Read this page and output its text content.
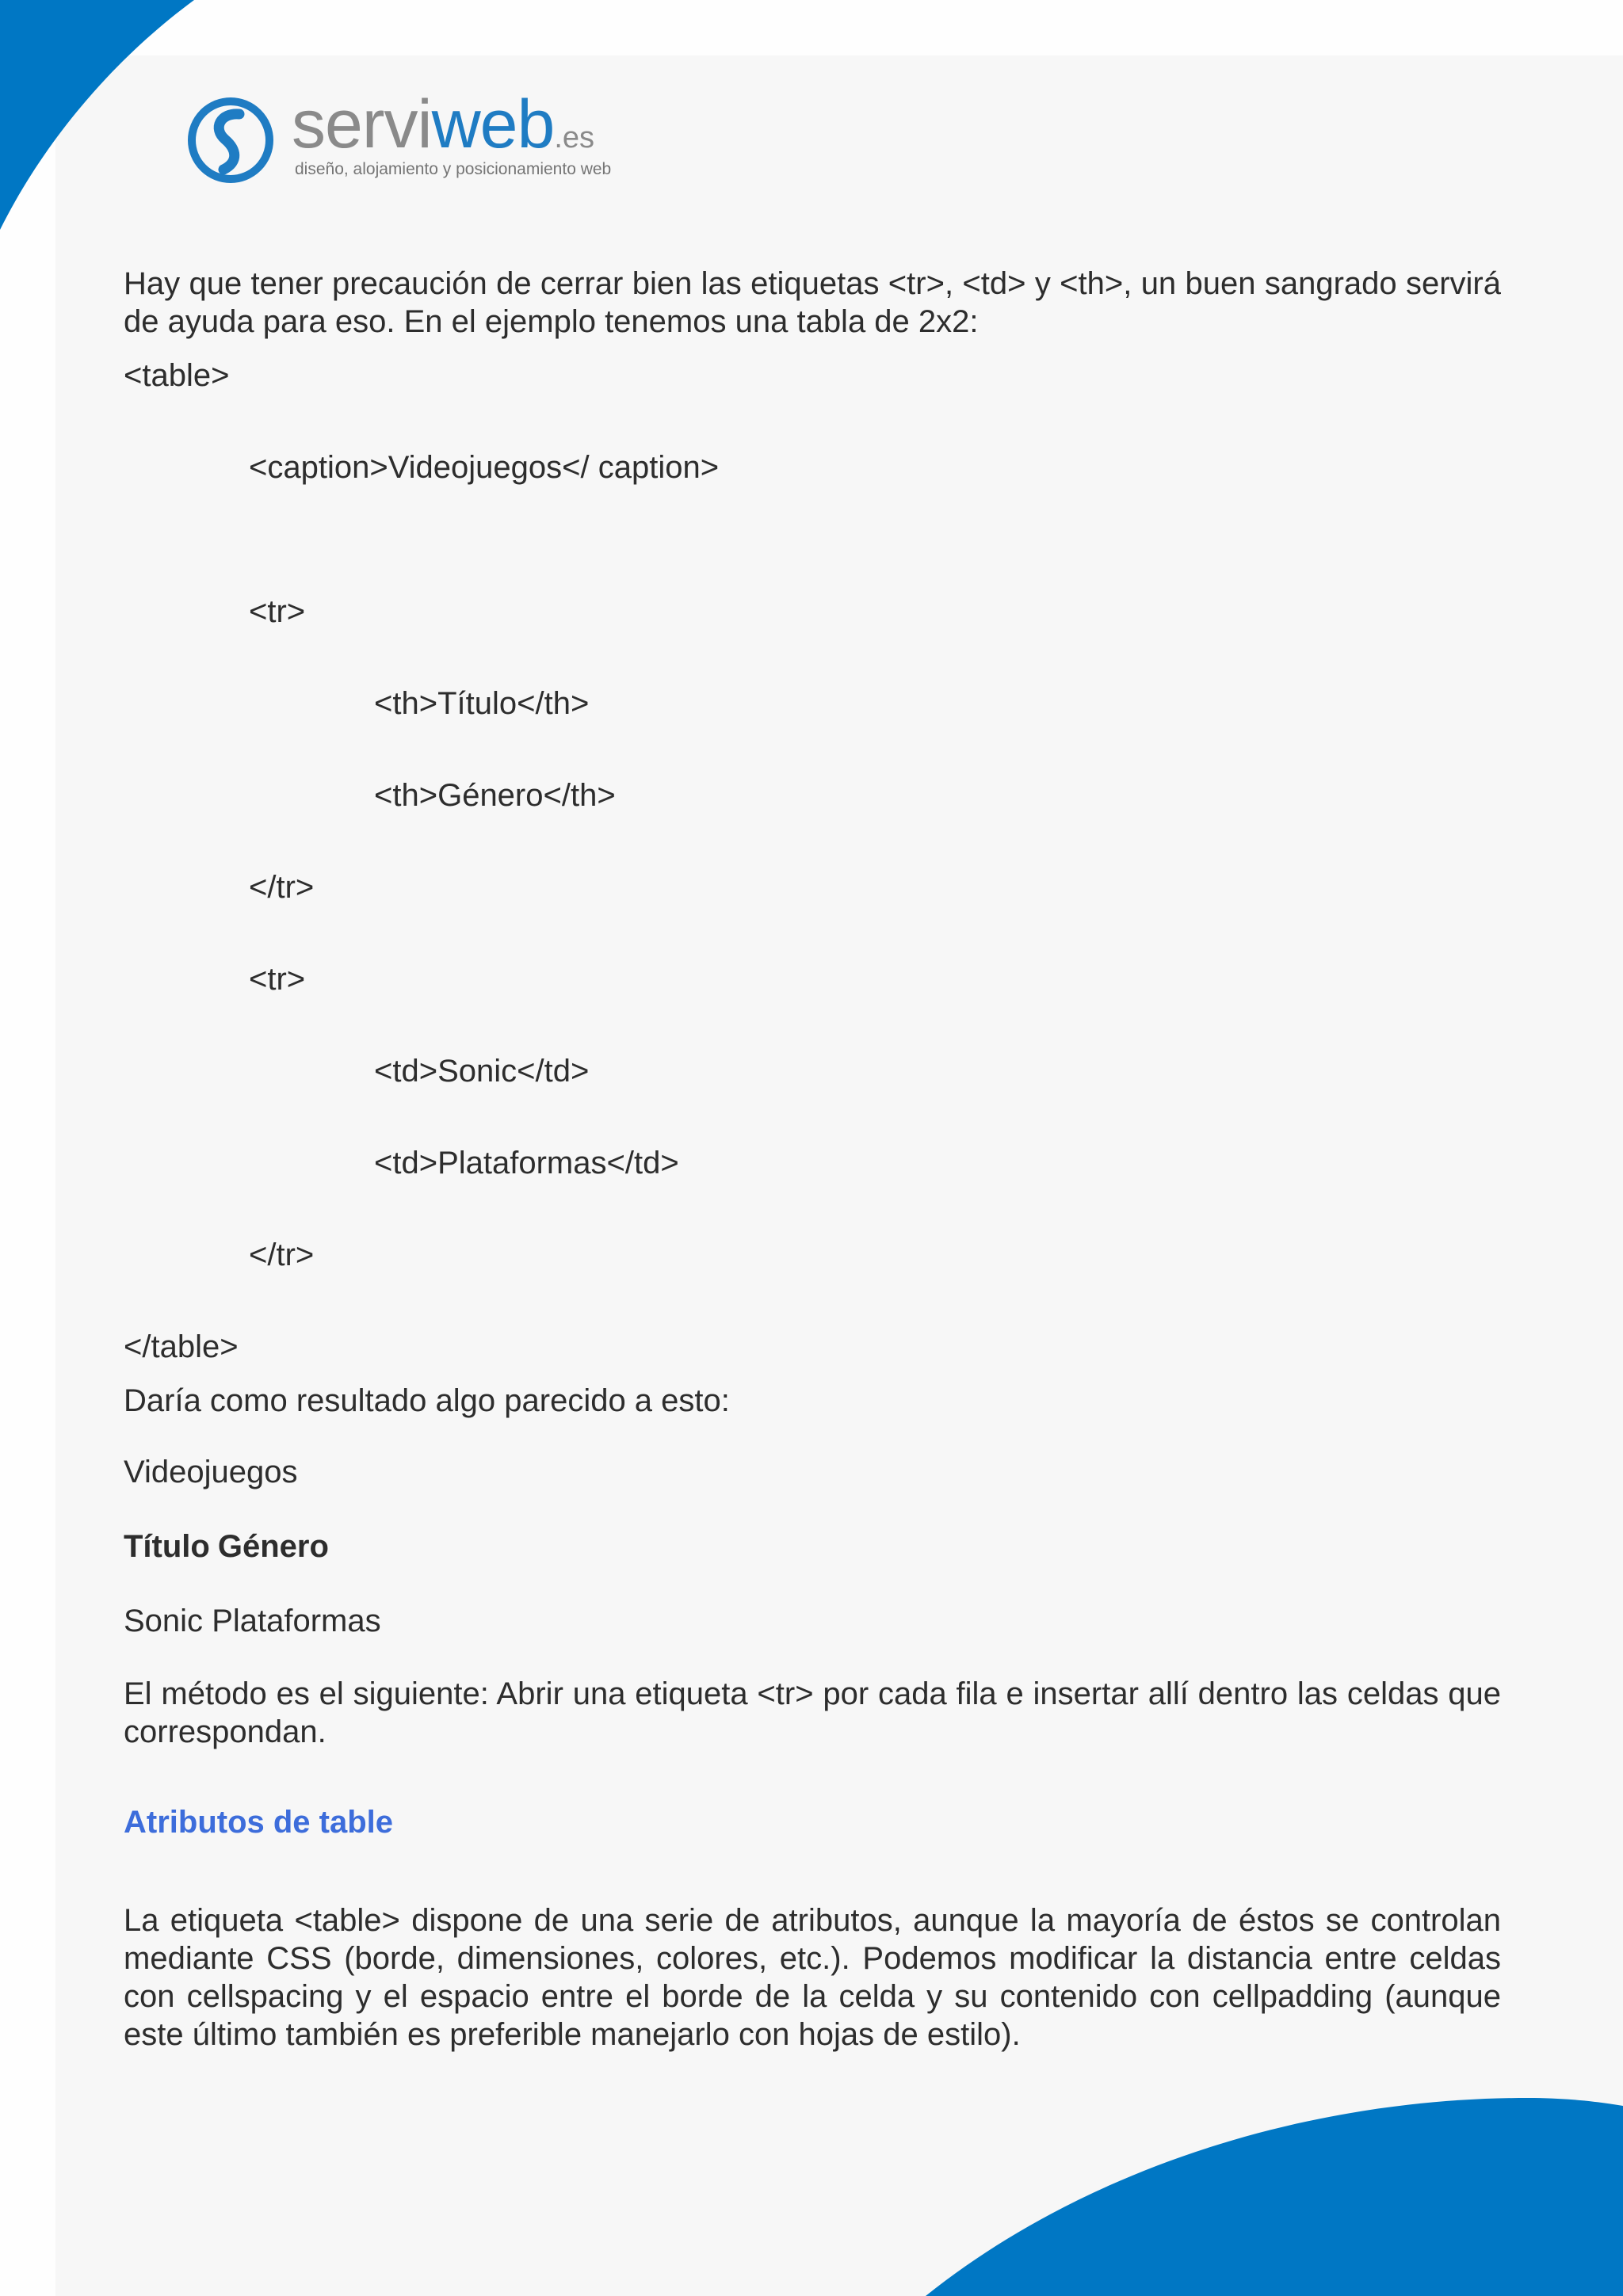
serviweb.es
diseño, alojamiento y posicionamiento web

Hay que tener precaución de cerrar bien las etiquetas <tr>, <td> y <th>, un buen sangrado servirá de ayuda para eso. En el ejemplo tenemos una tabla de 2x2:

<table>
<caption>Videojuegos</ caption>
<tr>
<th>Título</th>
<th>Género</th>
</tr>
<tr>
<td>Sonic</td>
<td>Plataformas</td>
</tr>
</table>
Daría como resultado algo parecido a esto:
Videojuegos
Título Género
Sonic Plataformas

El método es el siguiente: Abrir una etiqueta <tr> por cada fila e insertar allí dentro las celdas que correspondan.

Atributos de table

La etiqueta <table> dispone de una serie de atributos, aunque la mayoría de éstos se controlan mediante CSS (borde, dimensiones, colores, etc.). Podemos modificar la distancia entre celdas con cellspacing y el espacio entre el borde de la celda y su contenido con cellpadding (aunque este último también es preferible manejarlo con hojas de estilo).
